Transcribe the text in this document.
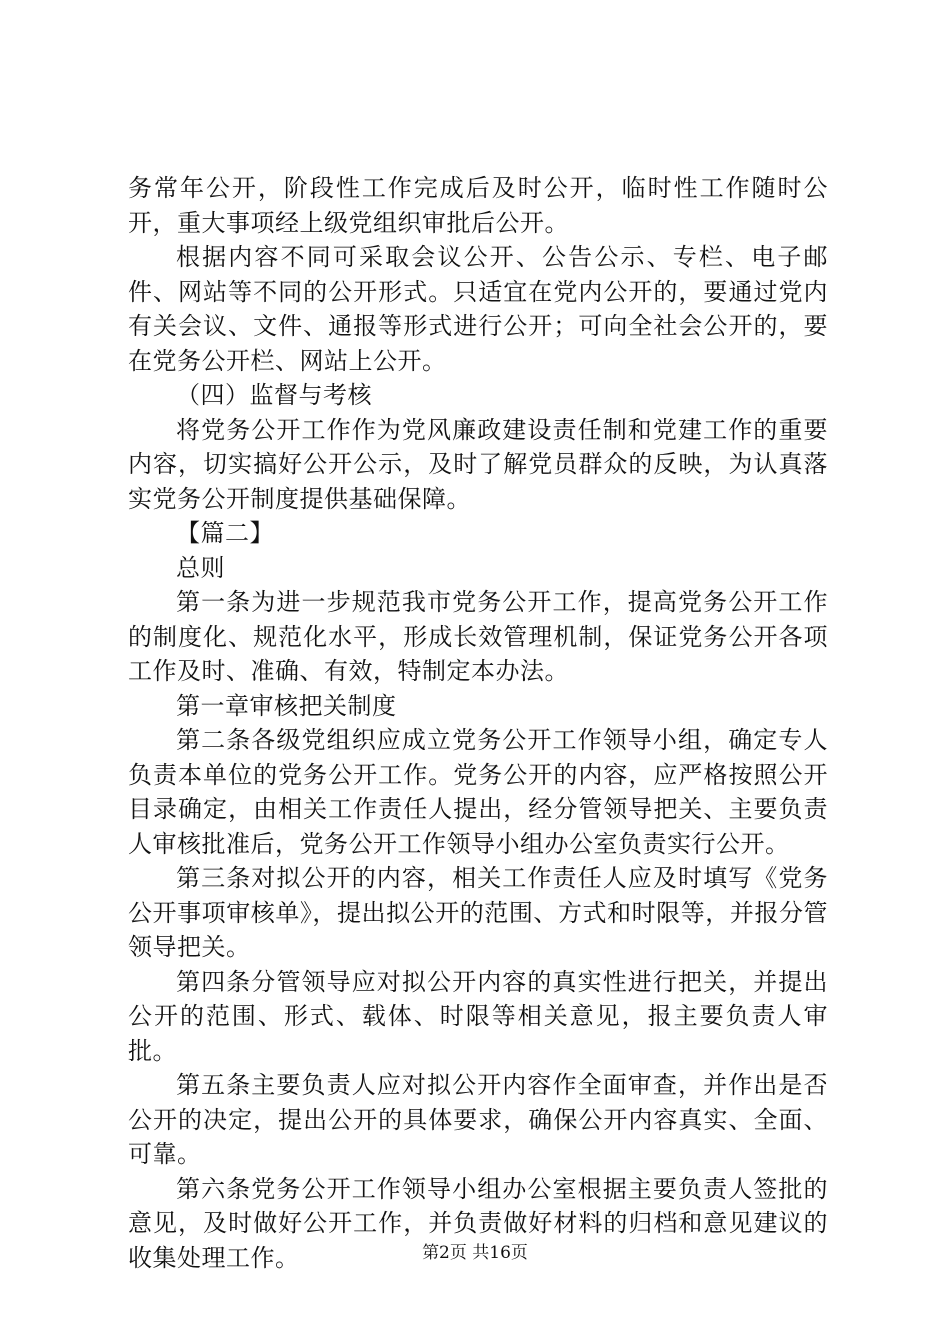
务常年公开，阶段性工作完成后及时公开，临时性工作随时公开，重大事项经上级党组织审批后公开。

根据内容不同可采取会议公开、公告公示、专栏、电子邮件、网站等不同的公开形式。只适宜在党内公开的，要通过党内有关会议、文件、通报等形式进行公开；可向全社会公开的，要在党务公开栏、网站上公开。

（四）监督与考核

将党务公开工作作为党风廉政建设责任制和党建工作的重要内容，切实搞好公开公示，及时了解党员群众的反映，为认真落实党务公开制度提供基础保障。

【篇二】

总则

第一条为进一步规范我市党务公开工作，提高党务公开工作的制度化、规范化水平，形成长效管理机制，保证党务公开各项工作及时、准确、有效，特制定本办法。

第一章审核把关制度

第二条各级党组织应成立党务公开工作领导小组，确定专人负责本单位的党务公开工作。党务公开的内容，应严格按照公开目录确定，由相关工作责任人提出，经分管领导把关、主要负责人审核批准后，党务公开工作领导小组办公室负责实行公开。

第三条对拟公开的内容，相关工作责任人应及时填写《党务公开事项审核单》，提出拟公开的范围、方式和时限等，并报分管领导把关。

第四条分管领导应对拟公开内容的真实性进行把关，并提出公开的范围、形式、载体、时限等相关意见，报主要负责人审批。

第五条主要负责人应对拟公开内容作全面审查，并作出是否公开的决定，提出公开的具体要求，确保公开内容真实、全面、可靠。

第六条党务公开工作领导小组办公室根据主要负责人签批的意见，及时做好公开工作，并负责做好材料的归档和意见建议的收集处理工作。	第2页 共16页
